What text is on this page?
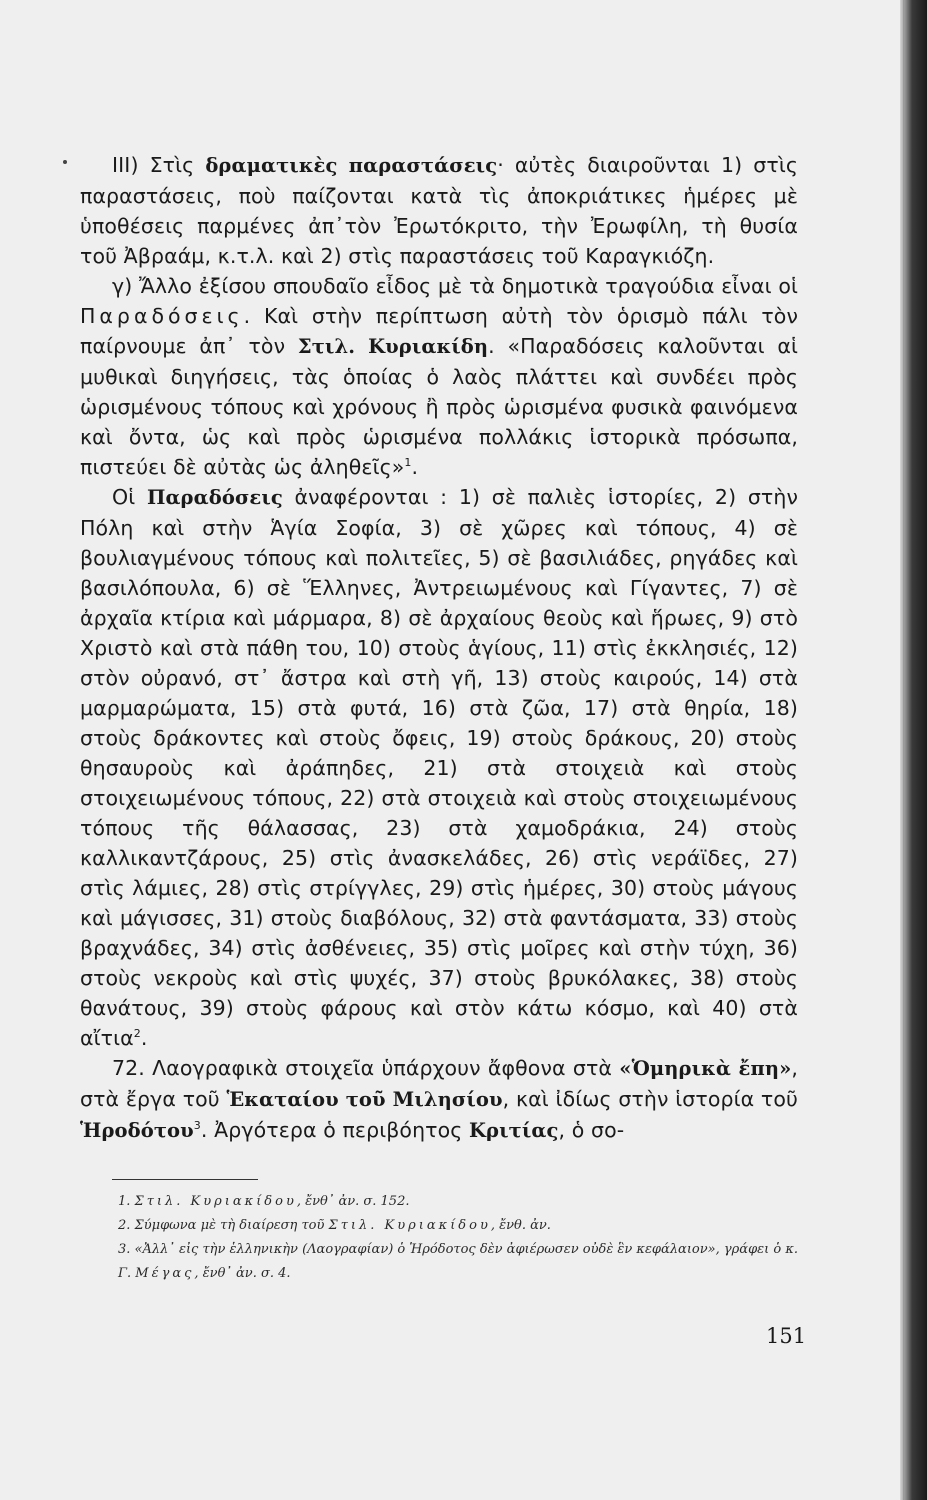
III) Στὶς δραματικὲς παραστάσεις· αὐτὲς διαιροῦνται 1) στὶς παραστάσεις, ποὺ παίζονται κατὰ τὶς ἀποκριάτικες ἡμέρες μὲ ὑποθέσεις παρμένες ἀπ᾽τὸν Ἐρωτόκριτο, τὴν Ἐρωφίλη, τὴ θυσία τοῦ Ἀβραάμ, κ.τ.λ. καὶ 2) στὶς παραστάσεις τοῦ Καραγκιόζη.

γ) Ἄλλο ἐξίσου σπουδαῖο εἶδος μὲ τὰ δημοτικὰ τραγούδια εἶναι οἱ Παραδόσεις. Καὶ στὴν περίπτωση αὐτὴ τὸν ὁρισμὸ πάλι τὸν παίρνουμε ἀπ᾽ τὸν Στιλ. Κυριακίδη. «Παραδόσεις καλοῦνται αἱ μυθικαὶ διηγήσεις, τὰς ὁποίας ὁ λαὸς πλάττει καὶ συνδέει πρὸς ὡρισμένους τόπους καὶ χρόνους ἢ πρὸς ὡρισμένα φυσικὰ φαινόμενα καὶ ὄντα, ὡς καὶ πρὸς ὡρισμένα πολλάκις ἱστορικὰ πρόσωπα, πιστεύει δὲ αὐτὰς ὡς ἀληθεῖς»$^1$.

Οἱ Παραδόσεις ἀναφέρονται : 1) σὲ παλιὲς ἱστορίες, 2) στὴν Πόλη καὶ στὴν Ἁγία Σοφία, 3) σὲ χῶρες καὶ τόπους, 4) σὲ βουλιαγμένους τόπους καὶ πολιτεῖες, 5) σὲ βασιλιάδες, ρηγάδες καὶ βασιλόπουλα, 6) σὲ Ἕλληνες, Ἀντρειωμένους καὶ Γίγαντες, 7) σὲ ἀρχαῖα κτίρια καὶ μάρμαρα, 8) σὲ ἀρχαίους θεοὺς καὶ ἥρωες, 9) στὸ Χριστὸ καὶ στὰ πάθη του, 10) στοὺς ἁγίους, 11) στὶς ἐκκλησιές, 12) στὸν οὐρανό, στ᾽ ἄστρα καὶ στὴ γῆ, 13) στοὺς καιρούς, 14) στὰ μαρμαρώματα, 15) στὰ φυτά, 16) στὰ ζῶα, 17) στὰ θηρία, 18) στοὺς δράκοντες καὶ στοὺς ὄφεις, 19) στοὺς δράκους, 20) στοὺς θησαυροὺς καὶ ἀράπηδες, 21) στὰ στοιχειὰ καὶ στοὺς στοιχειωμένους τόπους, 22) στὰ στοιχειὰ καὶ στοὺς στοιχειωμένους τόπους τῆς θάλασσας, 23) στὰ χαμοδράκια, 24) στοὺς καλλικαντζάρους, 25) στὶς ἀνασκελάδες, 26) στὶς νεράϊδες, 27) στὶς λάμιες, 28) στὶς στρίγγλες, 29) στὶς ἡμέρες, 30) στοὺς μάγους καὶ μάγισσες, 31) στοὺς διαβόλους, 32) στὰ φαντάσματα, 33) στοὺς βραχνάδες, 34) στὶς ἀσθένειες, 35) στὶς μοῖρες καὶ στὴν τύχη, 36) στοὺς νεκροὺς καὶ στὶς ψυχές, 37) στοὺς βρυκόλακες, 38) στοὺς θανάτους, 39) στοὺς φάρους καὶ στὸν κάτω κόσμο, καὶ 40) στὰ αἴτια$^2$.

72. Λαογραφικὰ στοιχεῖα ὑπάρχουν ἄφθονα στὰ «Ὁμηρικὰ ἔπη», στὰ ἔργα τοῦ Ἑκαταίου τοῦ Μιλησίου, καὶ ἰδίως στὴν ἱστορία τοῦ Ἡροδότου$^3$. Ἀργότερα ὁ περιβόητος Κριτίας, ὁ σο-

1. Στιλ. Κυριακίδου, ἔνθ᾽ ἀν. σ. 152.

2. Σύμφωνα μὲ τὴ διαίρεση τοῦ Στιλ. Κυριακίδου, ἔνθ. ἀν.

3. «Ἀλλ᾽ εἰς τὴν ἑλληνικὴν (Λαογραφίαν) ὁ Ἡρόδοτος δὲν ἀφιέρωσεν οὐδὲ ἓν κεφάλαιον», γράφει ὁ κ. Γ. Μέγας, ἔνθ᾽ ἀν. σ. 4.

151
